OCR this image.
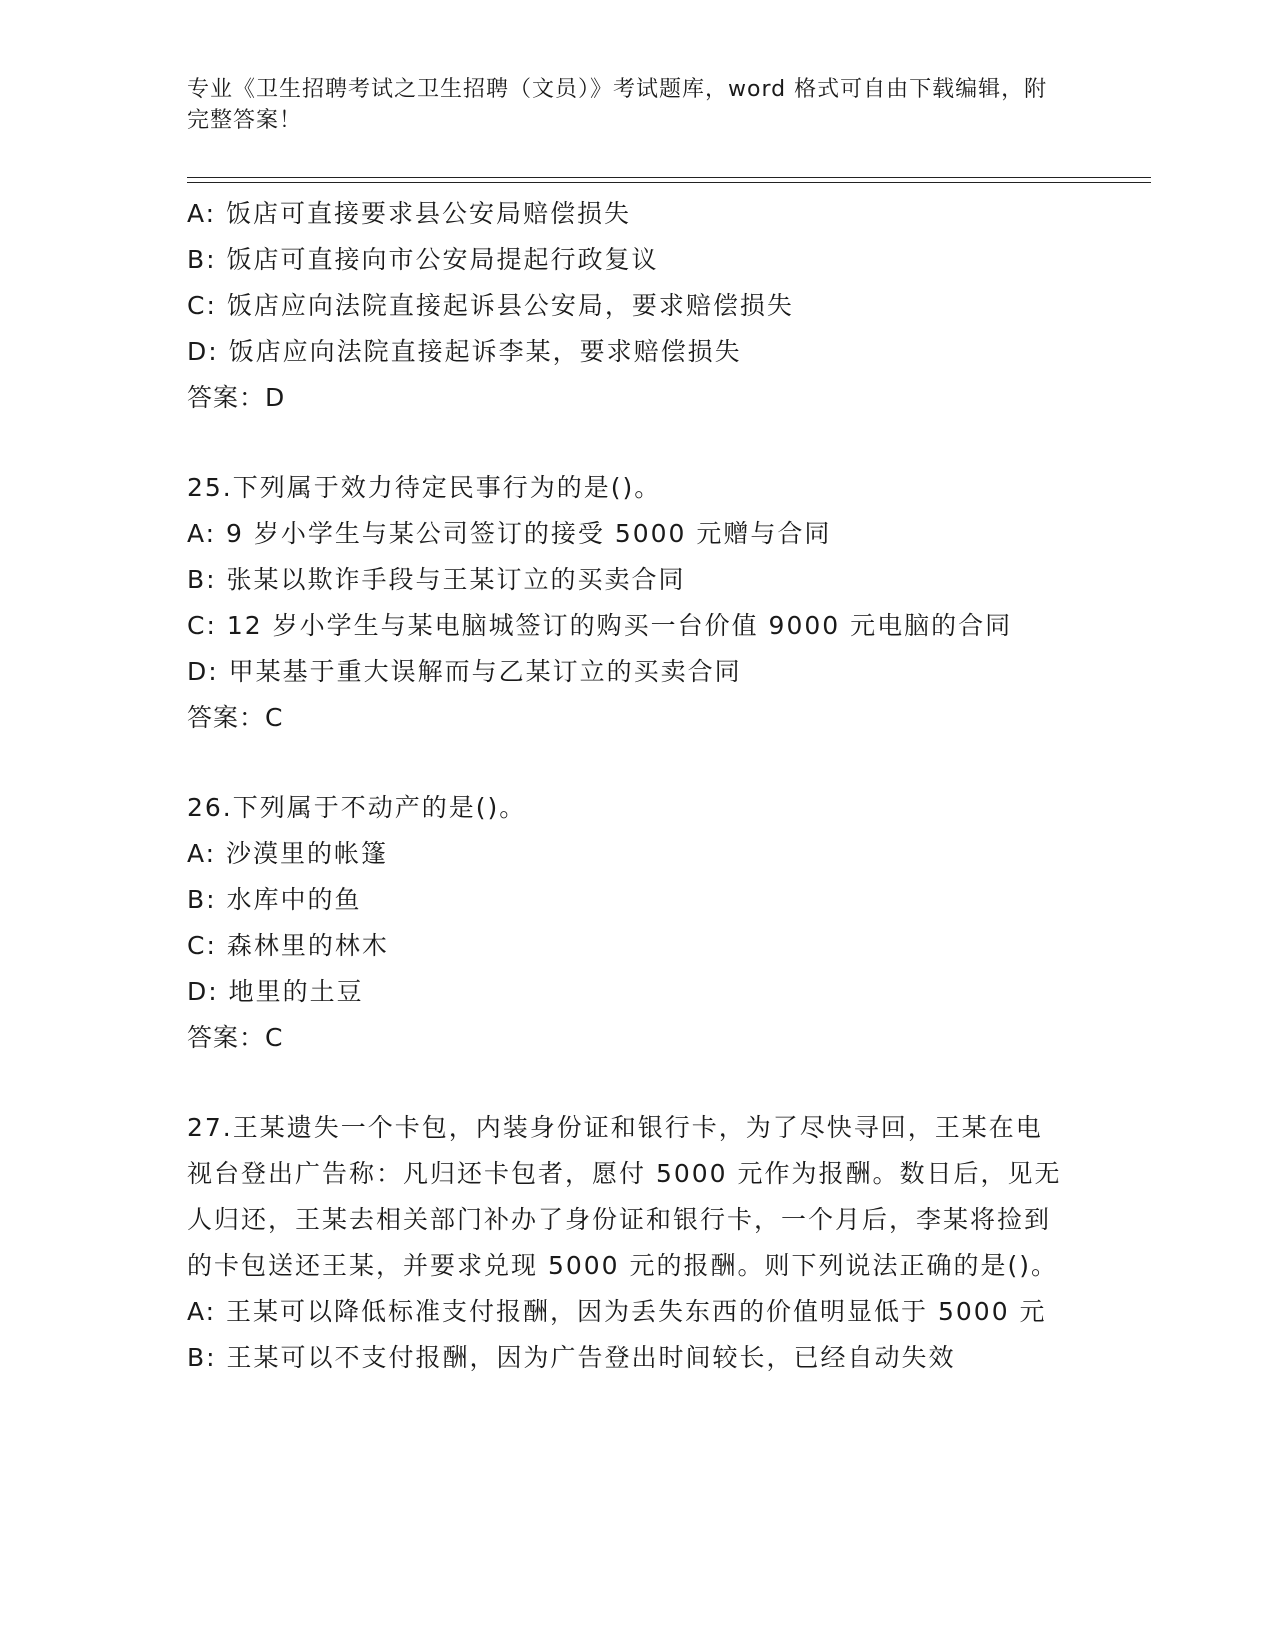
专业《卫生招聘考试之卫生招聘（文员）》考试题库，word 格式可自由下载编辑，附完整答案！

A: 饭店可直接要求县公安局赔偿损失

B: 饭店可直接向市公安局提起行政复议

C: 饭店应向法院直接起诉县公安局，要求赔偿损失

D: 饭店应向法院直接起诉李某，要求赔偿损失

答案：D

25.下列属于效力待定民事行为的是()。

A: 9 岁小学生与某公司签订的接受 5000 元赠与合同

B: 张某以欺诈手段与王某订立的买卖合同

C: 12 岁小学生与某电脑城签订的购买一台价值 9000 元电脑的合同

D: 甲某基于重大误解而与乙某订立的买卖合同

答案：C

26.下列属于不动产的是()。

A: 沙漠里的帐篷

B: 水库中的鱼

C: 森林里的林木

D: 地里的土豆

答案：C

27.王某遗失一个卡包，内装身份证和银行卡，为了尽快寻回，王某在电视台登出广告称：凡归还卡包者，愿付 5000 元作为报酬。数日后，见无人归还，王某去相关部门补办了身份证和银行卡，一个月后，李某将捡到的卡包送还王某，并要求兑现 5000 元的报酬。则下列说法正确的是()。

A: 王某可以降低标准支付报酬，因为丢失东西的价值明显低于 5000 元

B: 王某可以不支付报酬，因为广告登出时间较长，已经自动失效
